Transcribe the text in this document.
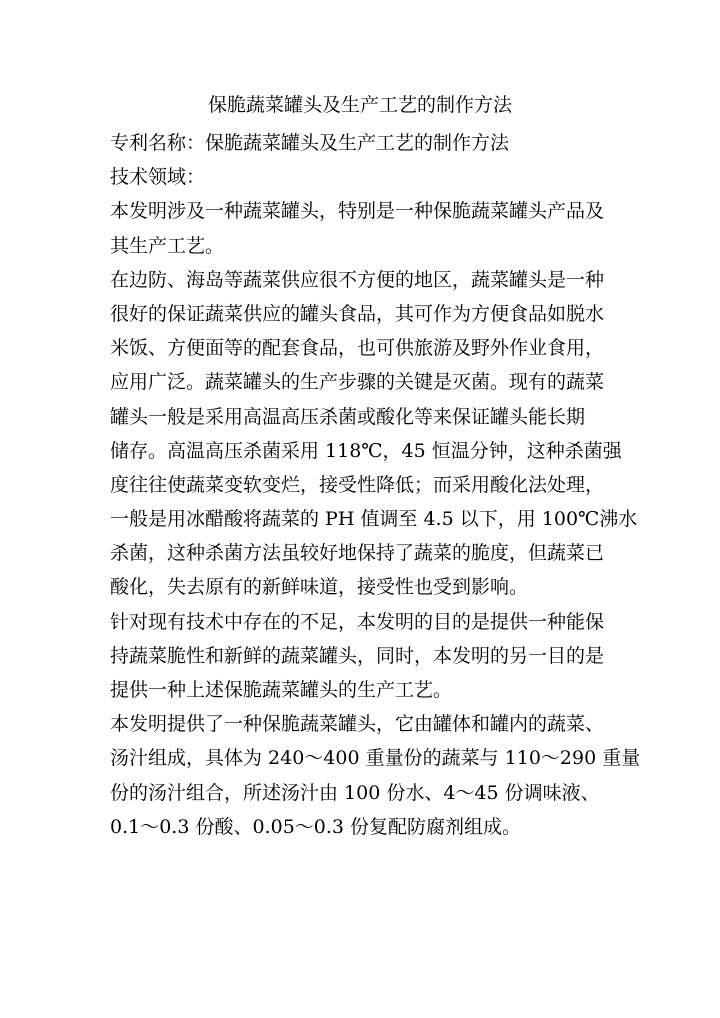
保脆蔬菜罐头及生产工艺的制作方法
专利名称：保脆蔬菜罐头及生产工艺的制作方法
技术领域：
本发明涉及一种蔬菜罐头，特别是一种保脆蔬菜罐头产品及
其生产工艺。
在边防、海岛等蔬菜供应很不方便的地区，蔬菜罐头是一种
很好的保证蔬菜供应的罐头食品，其可作为方便食品如脱水
米饭、方便面等的配套食品，也可供旅游及野外作业食用，
应用广泛。蔬菜罐头的生产步骤的关键是灭菌。现有的蔬菜
罐头一般是采用高温高压杀菌或酸化等来保证罐头能长期
储存。高温高压杀菌采用 118℃，45 恒温分钟，这种杀菌强
度往往使蔬菜变软变烂，接受性降低；而采用酸化法处理，
一般是用冰醋酸将蔬菜的 PH 值调至 4.5 以下，用 100℃沸水
杀菌，这种杀菌方法虽较好地保持了蔬菜的脆度，但蔬菜已
酸化，失去原有的新鲜味道，接受性也受到影响。
针对现有技术中存在的不足，本发明的目的是提供一种能保
持蔬菜脆性和新鲜的蔬菜罐头，同时，本发明的另一目的是
提供一种上述保脆蔬菜罐头的生产工艺。
本发明提供了一种保脆蔬菜罐头，它由罐体和罐内的蔬菜、
汤汁组成，具体为 240～400 重量份的蔬菜与 110～290 重量
份的汤汁组合，所述汤汁由 100 份水、4～45 份调味液、
0.1～0.3 份酸、0.05～0.3 份复配防腐剂组成。
